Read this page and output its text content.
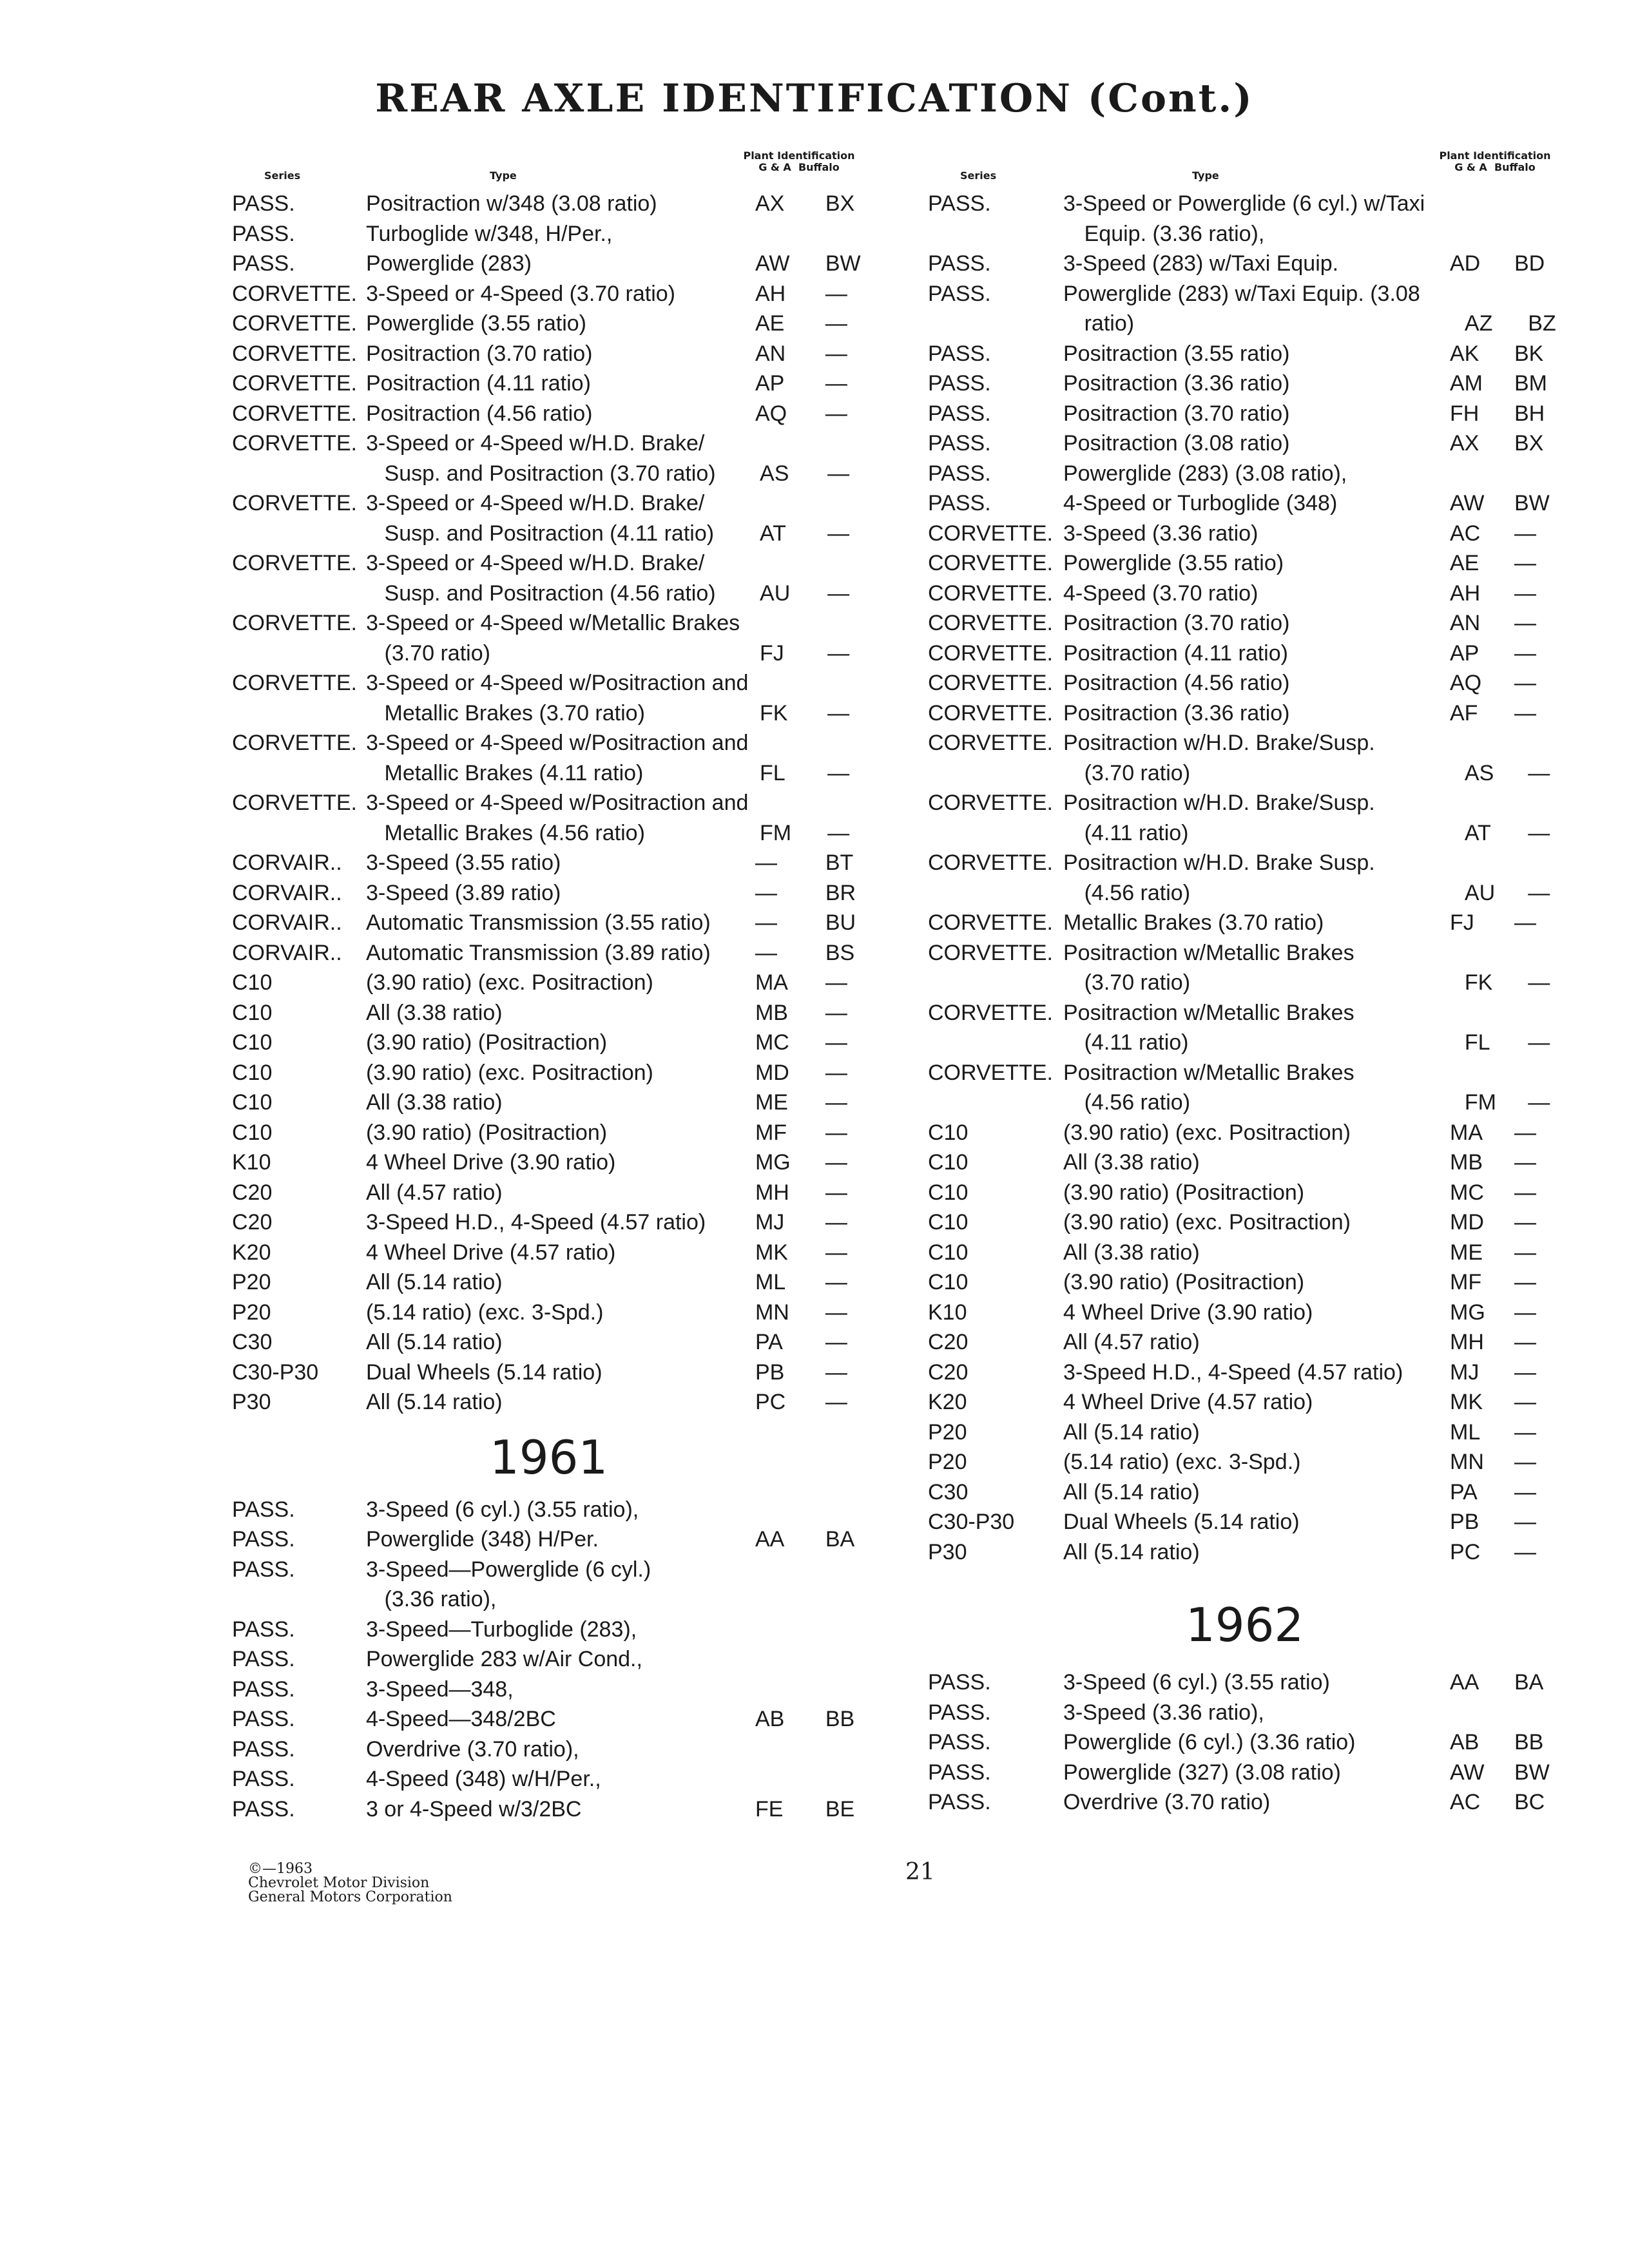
REAR AXLE IDENTIFICATION (Cont.)
Series	Type
Plant Identification
G & A  Buffalo
PASS.	Positraction w/348 (3.08 ratio)	AX	BX
PASS.	Turboglide w/348, H/Per.,
PASS.	Powerglide (283)	AW	BW
CORVETTE. 3-Speed or 4-Speed (3.70 ratio)	AH	—
CORVETTE. Powerglide (3.55 ratio)	AE	—
CORVETTE. Positraction (3.70 ratio)	AN	—
CORVETTE. Positraction (4.11 ratio)	AP	—
CORVETTE. Positraction (4.56 ratio)	AQ	—
CORVETTE. 3-Speed or 4-Speed w/H.D. Brake/
Susp. and Positraction (3.70 ratio)	AS	—
CORVETTE. 3-Speed or 4-Speed w/H.D. Brake/
Susp. and Positraction (4.11 ratio)	AT	—
CORVETTE. 3-Speed or 4-Speed w/H.D. Brake/
Susp. and Positraction (4.56 ratio)	AU	—
CORVETTE. 3-Speed or 4-Speed w/Metallic Brakes
(3.70 ratio)	FJ	—
CORVETTE. 3-Speed or 4-Speed w/Positraction and
Metallic Brakes (3.70 ratio)	FK	—
CORVETTE. 3-Speed or 4-Speed w/Positraction and
Metallic Brakes (4.11 ratio)	FL	—
CORVETTE. 3-Speed or 4-Speed w/Positraction and
Metallic Brakes (4.56 ratio)	FM	—
CORVAIR..	3-Speed (3.55 ratio)	—	BT
CORVAIR..	3-Speed (3.89 ratio)	—	BR
CORVAIR..	Automatic Transmission (3.55 ratio)	—	BU
CORVAIR..	Automatic Transmission (3.89 ratio)	—	BS
C10	(3.90 ratio) (exc. Positraction)	MA	—
C10	All (3.38 ratio)	MB	—
C10	(3.90 ratio) (Positraction)	MC	—
C10	(3.90 ratio) (exc. Positraction)	MD	—
C10	All (3.38 ratio)	ME	—
C10	(3.90 ratio) (Positraction)	MF	—
K10	4 Wheel Drive (3.90 ratio)	MG	—
C20	All (4.57 ratio)	MH	—
C20	3-Speed H.D., 4-Speed (4.57 ratio)	MJ	—
K20	4 Wheel Drive (4.57 ratio)	MK	—
P20	All (5.14 ratio)	ML	—
P20	(5.14 ratio) (exc. 3-Spd.)	MN	—
C30	All (5.14 ratio)	PA	—
C30-P30	Dual Wheels (5.14 ratio)	PB	—
P30	All (5.14 ratio)	PC	—
1961
PASS.	3-Speed (6 cyl.) (3.55 ratio),
PASS.	Powerglide (348) H/Per.	AA	BA
PASS.	3-Speed—Powerglide (6 cyl.)
(3.36 ratio),
PASS.	3-Speed—Turboglide (283),
PASS.	Powerglide 283 w/Air Cond.,
PASS.	3-Speed—348,
PASS.	4-Speed—348/2BC	AB	BB
PASS.	Overdrive (3.70 ratio),
PASS.	4-Speed (348) w/H/Per.,
PASS.	3 or 4-Speed w/3/2BC	FE	BE
Series	Type
Plant Identification
G & A  Buffalo
PASS.	3-Speed or Powerglide (6 cyl.) w/Taxi
Equip. (3.36 ratio),
PASS.	3-Speed (283) w/Taxi Equip.	AD	BD
PASS.	Powerglide (283) w/Taxi Equip. (3.08
ratio)	AZ	BZ
PASS.	Positraction (3.55 ratio)	AK	BK
PASS.	Positraction (3.36 ratio)	AM	BM
PASS.	Positraction (3.70 ratio)	FH	BH
PASS.	Positraction (3.08 ratio)	AX	BX
PASS.	Powerglide (283) (3.08 ratio),
PASS.	4-Speed or Turboglide (348)	AW	BW
CORVETTE. 3-Speed (3.36 ratio)	AC	—
CORVETTE. Powerglide (3.55 ratio)	AE	—
CORVETTE. 4-Speed (3.70 ratio)	AH	—
CORVETTE. Positraction (3.70 ratio)	AN	—
CORVETTE. Positraction (4.11 ratio)	AP	—
CORVETTE. Positraction (4.56 ratio)	AQ	—
CORVETTE. Positraction (3.36 ratio)	AF	—
CORVETTE. Positraction w/H.D. Brake/Susp.
(3.70 ratio)	AS	—
CORVETTE. Positraction w/H.D. Brake/Susp.
(4.11 ratio)	AT	—
CORVETTE. Positraction w/H.D. Brake Susp.
(4.56 ratio)	AU	—
CORVETTE. Metallic Brakes (3.70 ratio)	FJ	—
CORVETTE. Positraction w/Metallic Brakes
(3.70 ratio)	FK	—
CORVETTE. Positraction w/Metallic Brakes
(4.11 ratio)	FL	—
CORVETTE. Positraction w/Metallic Brakes
(4.56 ratio)	FM	—
C10	(3.90 ratio) (exc. Positraction)	MA	—
C10	All (3.38 ratio)	MB	—
C10	(3.90 ratio) (Positraction)	MC	—
C10	(3.90 ratio) (exc. Positraction)	MD	—
C10	All (3.38 ratio)	ME	—
C10	(3.90 ratio) (Positraction)	MF	—
K10	4 Wheel Drive (3.90 ratio)	MG	—
C20	All (4.57 ratio)	MH	—
C20	3-Speed H.D., 4-Speed (4.57 ratio)	MJ	—
K20	4 Wheel Drive (4.57 ratio)	MK	—
P20	All (5.14 ratio)	ML	—
P20	(5.14 ratio) (exc. 3-Spd.)	MN	—
C30	All (5.14 ratio)	PA	—
C30-P30	Dual Wheels (5.14 ratio)	PB	—
P30	All (5.14 ratio)	PC	—
1962
PASS.	3-Speed (6 cyl.) (3.55 ratio)	AA	BA
PASS.	3-Speed (3.36 ratio),
PASS.	Powerglide (6 cyl.) (3.36 ratio)	AB	BB
PASS.	Powerglide (327) (3.08 ratio)	AW	BW
PASS.	Overdrive (3.70 ratio)	AC	BC
©—1963
Chevrolet Motor Division
General Motors Corporation
21
